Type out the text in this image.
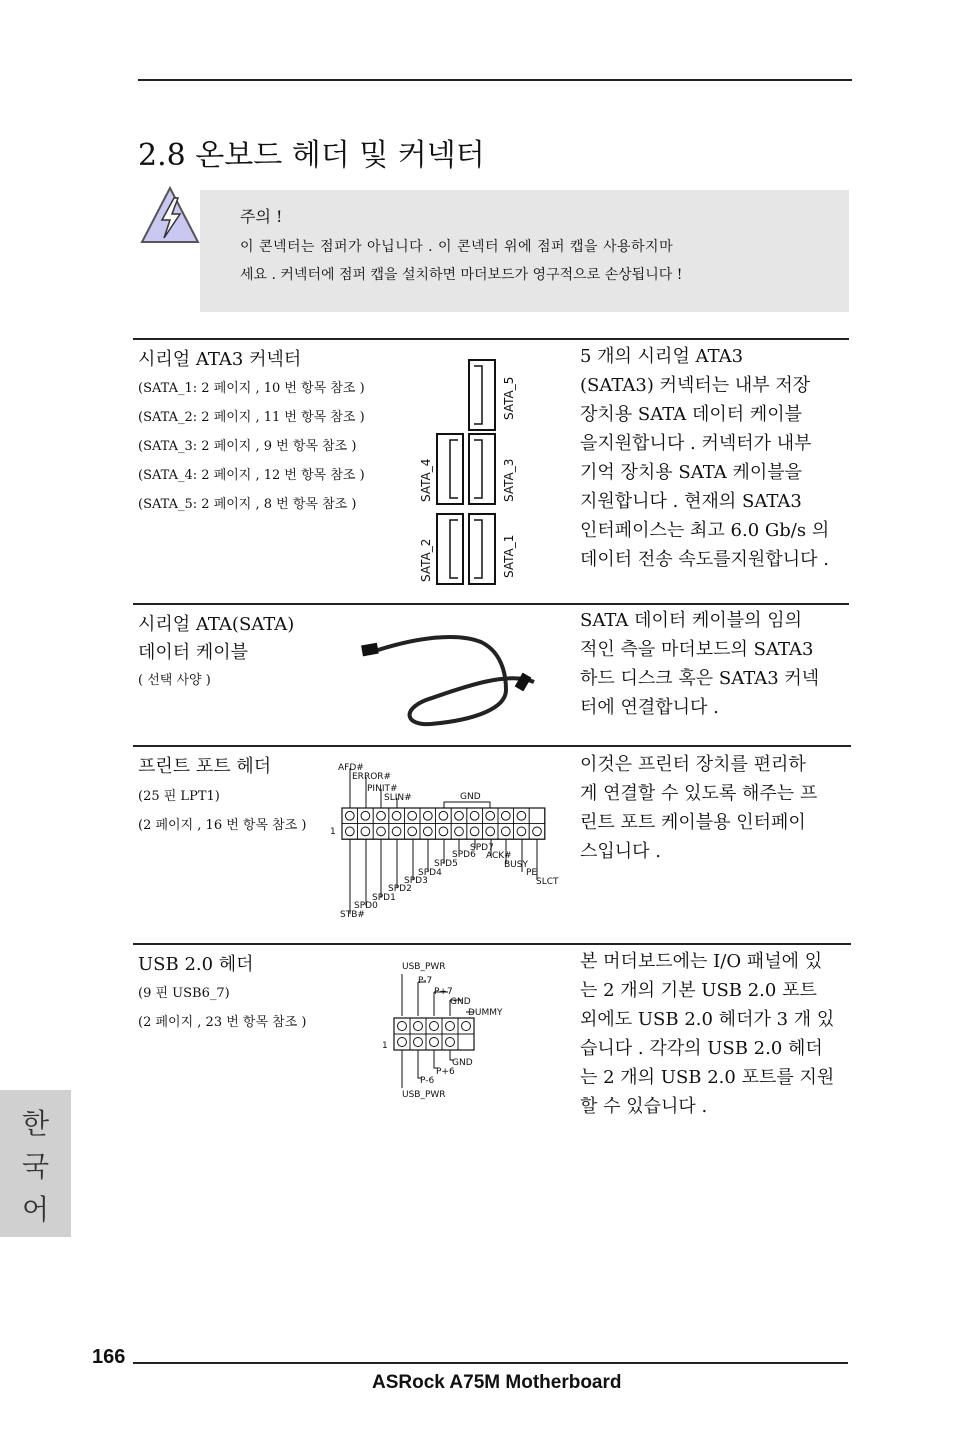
2.8 온보드 헤더 및 커넥터
주의 !
이 콘넥터는 점퍼가 아닙니다 . 이 콘넥터 위에 점퍼 캡을 사용하지마
세요 . 커넥터에 점퍼 캡을 설치하면 마더보드가 영구적으로 손상됩니다 !
시리얼 ATA3 커넥터
(SATA_1: 2 페이지 , 10 번 항목 참조 )
(SATA_2: 2 페이지 , 11 번 항목 참조 )
(SATA_3: 2 페이지 , 9 번 항목 참조 )
(SATA_4: 2 페이지 , 12 번 항목 참조 )
(SATA_5: 2 페이지 , 8 번 항목 참조 )
SATA_5
SATA_4	SATA_3
SATA_2	SATA_1
5 개의 시리얼 ATA3
(SATA3) 커넥터는 내부 저장
장치용 SATA 데이터 케이블
을지원합니다 . 커넥터가 내부
기억 장치용 SATA 케이블을
지원합니다 . 현재의 SATA3
인터페이스는 최고 6.0 Gb/s 의
데이터 전송 속도를지원합니다 .
시리얼 ATA(SATA)
데이터 케이블
( 선택 사양 )
SATA 데이터 케이블의 임의
적인 측을 마더보드의 SATA3
하드 디스크 혹은 SATA3 커넥
터에 연결합니다 .
프린트 포트 헤더
(25 핀 LPT1)
(2 페이지 , 16 번 항목 참조 )
AFD#
ERROR#
PINIT#
SLIN#	GND
1
SPD7
SPD6 ACK#
SPD5	BUSY
SPD4	PE
SPD3	SLCT
SPD2
SPD1
SPD0
STB#
이것은 프린터 장치를 편리하
게 연결할 수 있도록 해주는 프
린트 포트 케이블용 인터페이
스입니다 .
USB 2.0 헤더
(9 핀 USB6_7)
(2 페이지 , 23 번 항목 참조 )
USB_PWR
P-7
P+7
GND
DUMMY
1
GND
P+6
P-6
USB_PWR
본 머더보드에는 I/O 패널에 있
는 2 개의 기본 USB 2.0 포트
외에도 USB 2.0 헤더가 3 개 있
습니다 . 각각의 USB 2.0 헤더
는 2 개의 USB 2.0 포트를 지원
할 수 있습니다 .
한
국
어
166
ASRock A75M Motherboard
